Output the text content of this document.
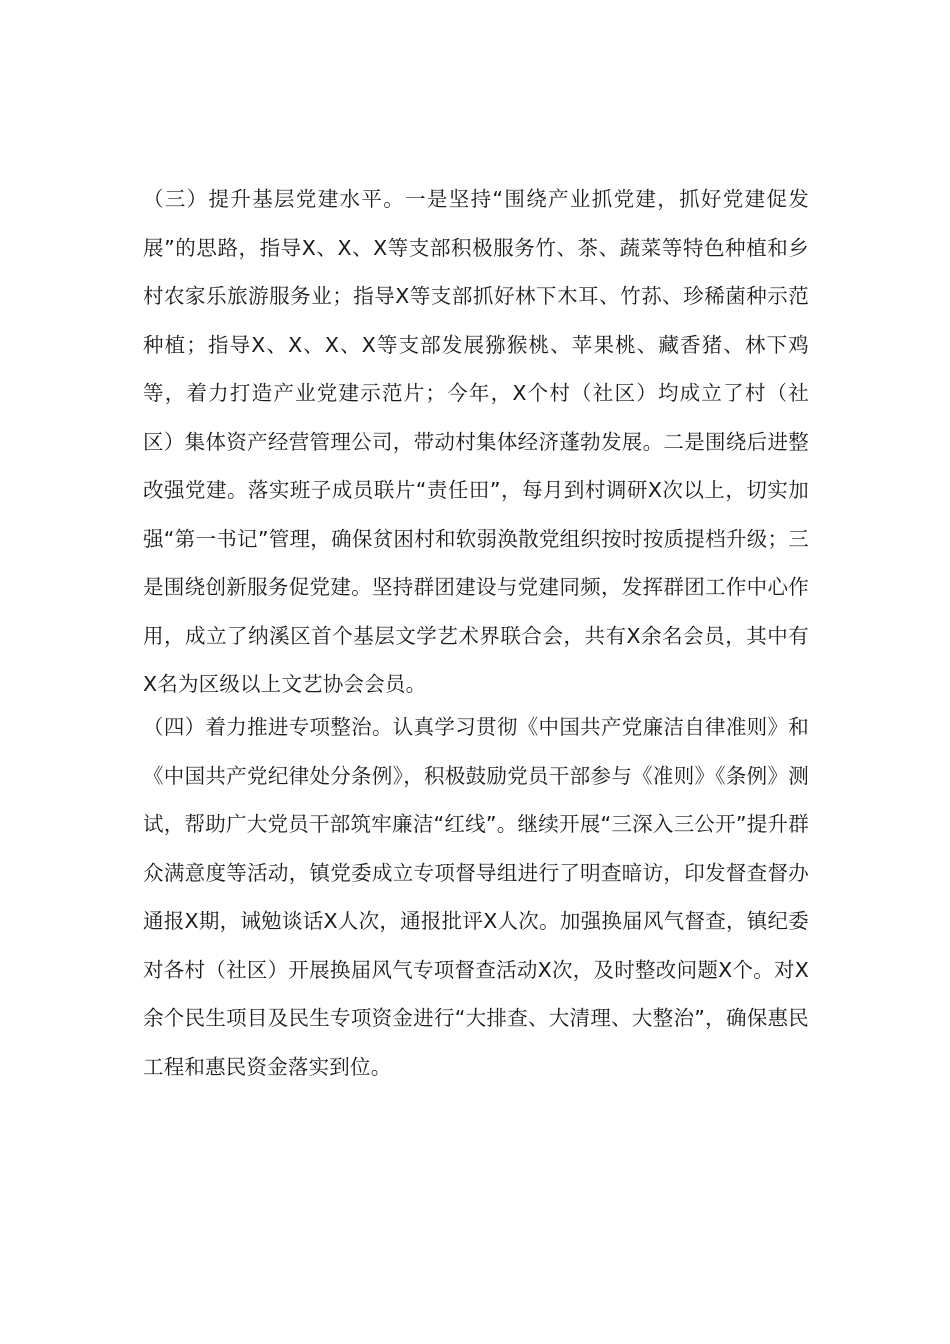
（三）提升基层党建水平。一是坚持“围绕产业抓党建，抓好党建促发展”的思路，指导X、X、X等支部积极服务竹、茶、蔬菜等特色种植和乡村农家乐旅游服务业；指导X等支部抓好林下木耳、竹荪、珍稀菌种示范种植；指导X、X、X、X等支部发展猕猴桃、苹果桃、藏香猪、林下鸡等，着力打造产业党建示范片；今年，X个村（社区）均成立了村（社区）集体资产经营管理公司，带动村集体经济蓬勃发展。二是围绕后进整改强党建。落实班子成员联片“责任田”，每月到村调研X次以上，切实加强“第一书记”管理，确保贫困村和软弱涣散党组织按时按质提档升级；三是围绕创新服务促党建。坚持群团建设与党建同频，发挥群团工作中心作用，成立了纳溪区首个基层文学艺术界联合会，共有X余名会员，其中有X名为区级以上文艺协会会员。

（四）着力推进专项整治。认真学习贯彻《中国共产党廉洁自律准则》和《中国共产党纪律处分条例》，积极鼓励党员干部参与《准则》《条例》测试，帮助广大党员干部筑牢廉洁“红线”。继续开展“三深入三公开”提升群众满意度等活动，镇党委成立专项督导组进行了明查暗访，印发督查督办通报X期，诫勉谈话X人次，通报批评X人次。加强换届风气督查，镇纪委对各村（社区）开展换届风气专项督查活动X次，及时整改问题X个。对X余个民生项目及民生专项资金进行“大排查、大清理、大整治”，确保惠民工程和惠民资金落实到位。
